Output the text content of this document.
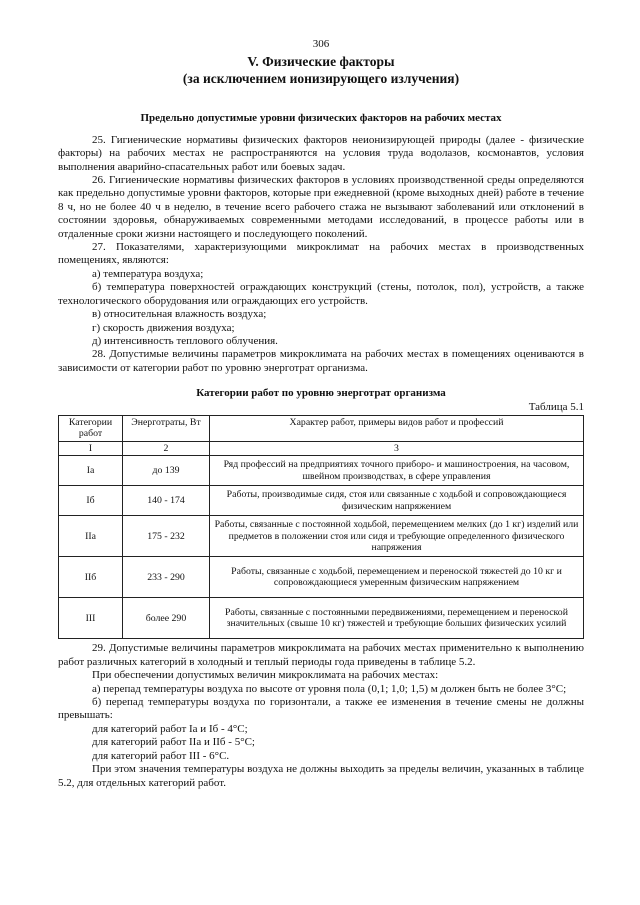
306
V. Физические факторы
(за исключением ионизирующего излучения)
Предельно допустимые уровни физических факторов на рабочих местах

25. Гигиенические нормативы физических факторов неионизирующей природы (далее - физические факторы) на рабочих местах не распространяются на условия труда водолазов, космонавтов, условия выполнения аварийно-спасательных работ или боевых задач.

26. Гигиенические нормативы физических факторов в условиях производственной среды определяются как предельно допустимые уровни факторов, которые при ежедневной (кроме выходных дней) работе в течение 8 ч, но не более 40 ч в неделю, в течение всего рабочего стажа не вызывают заболеваний или отклонений в состоянии здоровья, обнаруживаемых современными методами исследований, в процессе работы или в отдаленные сроки жизни настоящего и последующего поколений.

27. Показателями, характеризующими микроклимат на рабочих местах в производственных помещениях, являются:

а) температура воздуха;

б) температура поверхностей ограждающих конструкций (стены, потолок, пол), устройств, а также технологического оборудования или ограждающих его устройств.

в) относительная влажность воздуха;

г) скорость движения воздуха;

д) интенсивность теплового облучения.

28. Допустимые величины параметров микроклимата на рабочих местах в помещениях оцениваются в зависимости от категории работ по уровню энерготрат организма.

Категории работ по уровню энерготрат организма
Таблица 5.1
Категории работ	Энерготраты, Вт	Характер работ, примеры видов работ и профессий
I	2	3
Ia	до 139	Ряд профессий на предприятиях точного приборо- и машиностроения, на часовом, швейном производствах, в сфере управления
Iб	140 - 174	Работы, производимые сидя, стоя или связанные с ходьбой и сопровождающиеся физическим напряжением
IIa	175 - 232	Работы, связанные с постоянной ходьбой, перемещением мелких (до 1 кг) изделий или предметов в положении стоя или сидя и требующие определенного физического напряжения
IIб	233 - 290	Работы, связанные с ходьбой, перемещением и переноской тяжестей до 10 кг и сопровождающиеся умеренным физическим напряжением
III	более 290	Работы, связанные с постоянными передвижениями, перемещением и переноской значительных (свыше 10 кг) тяжестей и требующие больших физических усилий

29. Допустимые величины параметров микроклимата на рабочих местах применительно к выполнению работ различных категорий в холодный и теплый периоды года приведены в таблице 5.2.

При обеспечении допустимых величин микроклимата на рабочих местах:

а) перепад температуры воздуха по высоте от уровня пола (0,1; 1,0; 1,5) м должен быть не более 3°С;

б) перепад температуры воздуха по горизонтали, а также ее изменения в течение смены не должны превышать:

для категорий работ Ia и Iб - 4°С;

для категорий работ IIa и IIб - 5°С;

для категорий работ III - 6°С.

При этом значения температуры воздуха не должны выходить за пределы величин, указанных в таблице 5.2, для отдельных категорий работ.
